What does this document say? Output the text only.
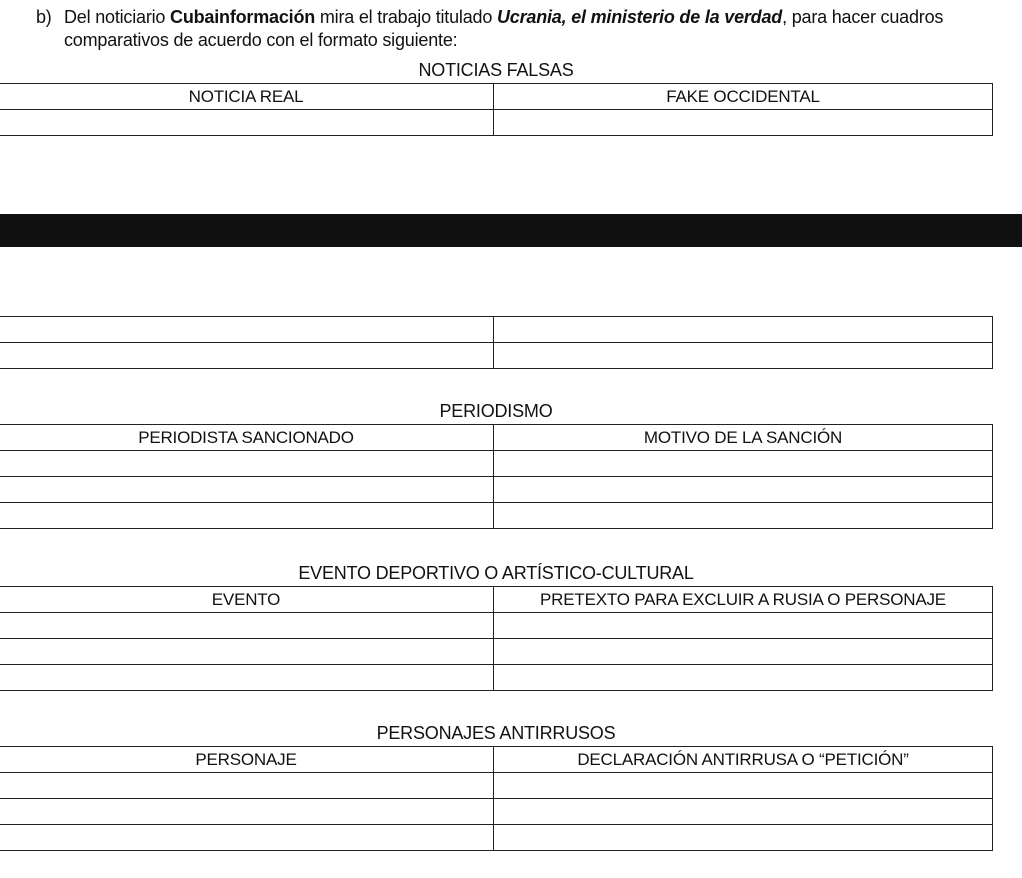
b) Del noticiario Cubainformación mira el trabajo titulado Ucrania, el ministerio de la verdad, para hacer cuadros
comparativos de acuerdo con el formato siguiente:
NOTICIAS FALSAS
NOTICIA REAL	FAKE OCCIDENTAL

PERIODISMO
PERIODISTA SANCIONADO	MOTIVO DE LA SANCIÓN

EVENTO DEPORTIVO O ARTÍSTICO-CULTURAL
EVENTO	PRETEXTO PARA EXCLUIR A RUSIA O PERSONAJE

PERSONAJES ANTIRRUSOS
PERSONAJE	DECLARACIÓN ANTIRRUSA O “PETICIÓN”
